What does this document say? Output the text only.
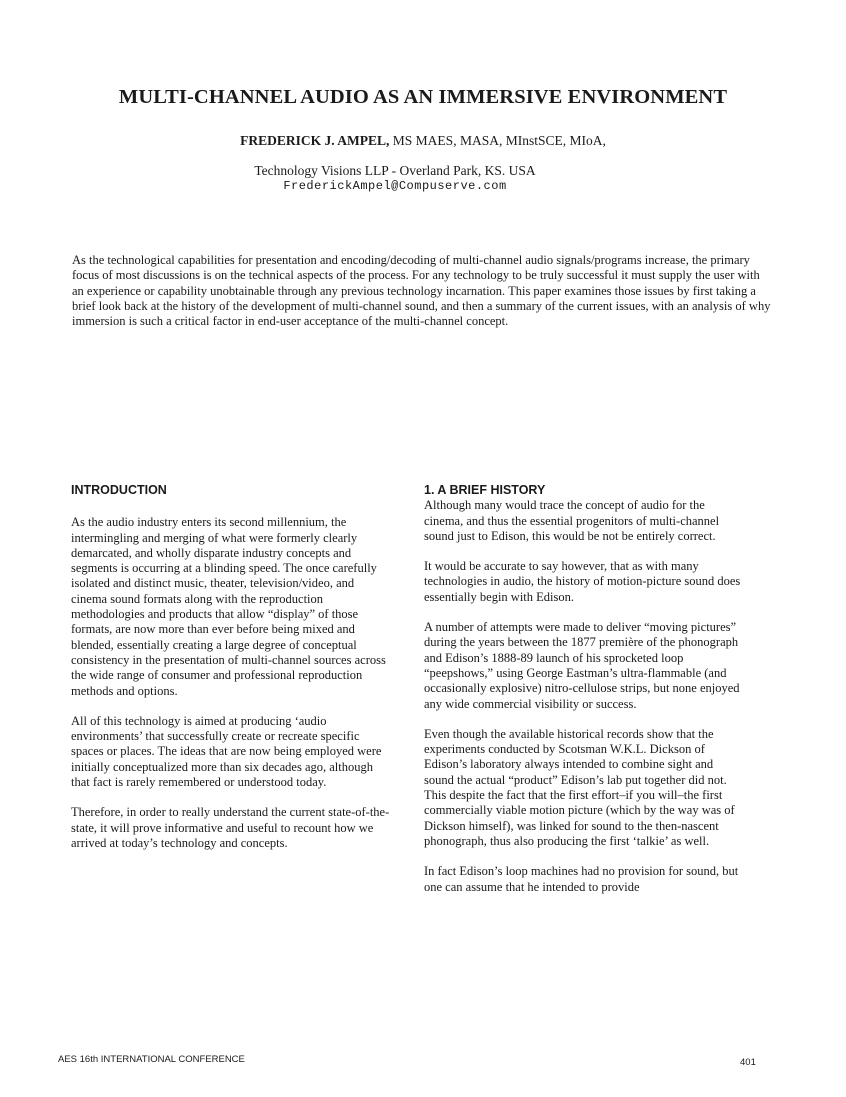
MULTI-CHANNEL AUDIO AS AN IMMERSIVE ENVIRONMENT
FREDERICK J. AMPEL, MS MAES, MASA, MInstSCE, MIoA,
Technology Visions LLP - Overland Park, KS. USA
FrederickAmpel@Compuserve.com
As the technological capabilities for presentation and encoding/decoding of multi-channel audio signals/programs increase, the primary focus of most discussions is on the technical aspects of the process. For any technology to be truly successful it must supply the user with an experience or capability unobtainable through any previous technology incarnation. This paper examines those issues by first taking a brief look back at the history of the development of multi-channel sound, and then a summary of the current issues, with an analysis of why immersion is such a critical factor in end-user acceptance of the multi-channel concept.
INTRODUCTION

As the audio industry enters its second millennium, the intermingling and merging of what were formerly clearly demarcated, and wholly disparate industry concepts and segments is occurring at a blinding speed. The once carefully isolated and distinct music, theater, television/video, and cinema sound formats along with the reproduction methodologies and products that allow “display” of those formats, are now more than ever before being mixed and blended, essentially creating a large degree of conceptual consistency in the presentation of multi-channel sources across the wide range of consumer and professional reproduction methods and options.

All of this technology is aimed at producing ‘audio environments’ that successfully create or recreate specific spaces or places. The ideas that are now being employed were initially conceptualized more than six decades ago, although that fact is rarely remembered or understood today.

Therefore, in order to really understand the current state-of-the-state, it will prove informative and useful to recount how we arrived at today’s technology and concepts.

1. A BRIEF HISTORY

Although many would trace the concept of audio for the cinema, and thus the essential progenitors of multi-channel sound just to Edison, this would be not be entirely correct.

It would be accurate to say however, that as with many technologies in audio, the history of motion-picture sound does essentially begin with Edison.

A number of attempts were made to deliver “moving pictures” during the years between the 1877 première of the phonograph and Edison’s 1888-89 launch of his sprocketed loop “peepshows,” using George Eastman’s ultra-flammable (and occasionally explosive) nitro-cellulose strips, but none enjoyed any wide commercial visibility or success.

Even though the available historical records show that the experiments conducted by Scotsman W.K.L. Dickson of Edison’s laboratory always intended to combine sight and sound the actual “product” Edison’s lab put together did not. This despite the fact that the first effort–if you will–the first commercially viable motion picture (which by the way was of Dickson himself), was linked for sound to the then-nascent phonograph, thus also producing the first ‘talkie’ as well.

In fact Edison’s loop machines had no provision for sound, but one can assume that he intended to provide

AES 16th INTERNATIONAL CONFERENCE	401
